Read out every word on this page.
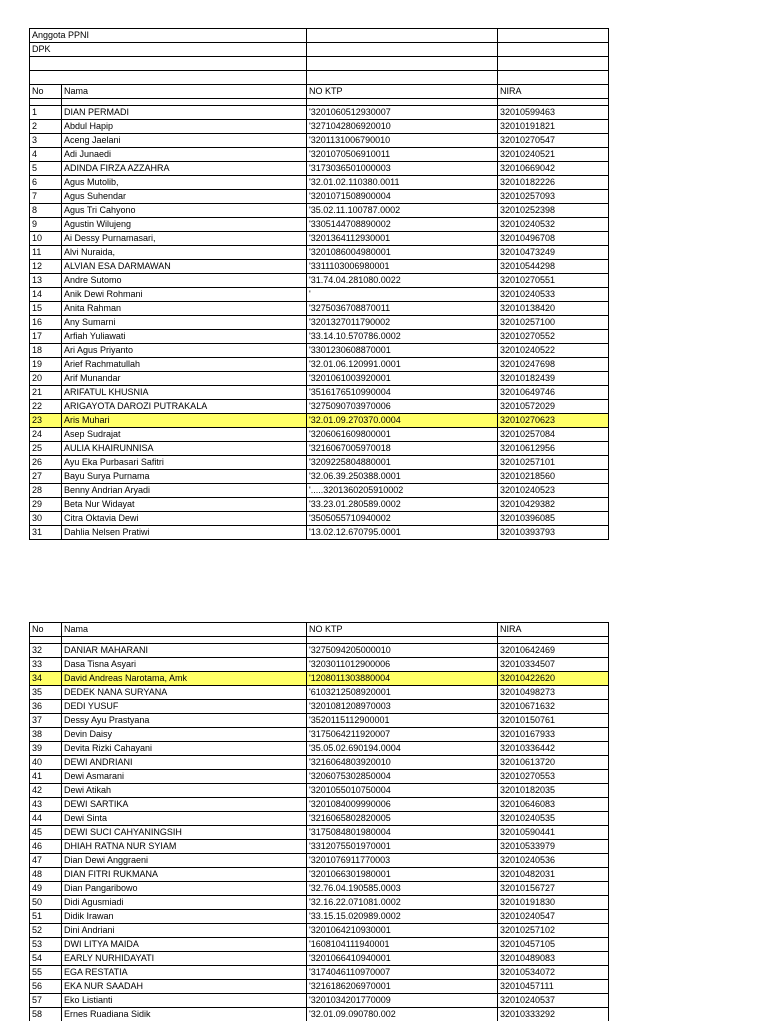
Anggota PPNI			
DPK			

No	Nama	NO KTP	NIRA

1	DIAN PERMADI	'3201060512930007	32010599463
2	Abdul Hapip	'3271042806920010	32010191821
3	Aceng Jaelani	'3201131006790010	32010270547
4	Adi Junaedi	'3201070506910011	32010240521
5	ADINDA FIRZA AZZAHRA	'3173036501000003	32010669042
6	Agus Mutolib,	'32.01.02.110380.0011	32010182226
7	Agus Suhendar	'3201071508900004	32010257093
8	Agus Tri Cahyono	'35.02.11.100787.0002	32010252398
9	Agustin Wilujeng	'3305144708890002	32010240532
10	Ai Dessy Purnamasari,	'3201364112930001	32010496708
11	Alvi Nuraida,	'3201086004980001	32010473249
12	ALVIAN ESA DARMAWAN	'3311103006980001	32010544298
13	Andre Sutomo	'31.74.04.281080.0022	32010270551
14	Anik Dewi Rohmani	'	32010240533
15	Anita Rahman	'3275036708870011	32010138420
16	Any Sumarni	'3201327011790002	32010257100
17	Arfiah Yuliawati	'33.14.10.570786.0002	32010270552
18	Ari Agus Priyanto	'3301230608870001	32010240522
19	Arief Rachmatullah	'32.01.06.120991.0001	32010247698
20	Arif Munandar	'3201061003920001	32010182439
21	ARIFATUL KHUSNIA	'3516176510990004	32010649746
22	ARIGAYOTA DAROZI PUTRAKALA	'3275090703970006	32010572029
23	Aris Muhari	'32.01.09.270370.0004	32010270623
24	Asep Sudrajat	'3206061609800001	32010257084
25	AULIA KHAIRUNNISA	'3216067005970018	32010612956
26	Ayu Eka Purbasari Safitri	'3209225804880001	32010257101
27	Bayu Surya Purnama	'32.06.39.250388.0001	32010218560
28	Benny Andrian Aryadi	'.....3201360205910002	32010240523
29	Beta Nur Widayat	'33.23.01.280589.0002	32010429382
30	Citra Oktavia Dewi	'3505055710940002	32010396085
31	Dahlia Nelsen Pratiwi	'13.02.12.670795.0001	32010393793
No	Nama	NO KTP	NIRA

32	DANIAR MAHARANI	'3275094205000010	32010642469
33	Dasa Tisna Asyari	'3203011012900006	32010334507
34	David Andreas Narotama, Amk	'1208011303880004	32010422620
35	DEDEK NANA SURYANA	'6103212508920001	32010498273
36	DEDI YUSUF	'3201081208970003	32010671632
37	Dessy Ayu Prastyana	'3520115112900001	32010150761
38	Devin Daisy	'3175064211920007	32010167933
39	Devita Rizki Cahayani	'35.05.02.690194.0004	32010336442
40	DEWI ANDRIANI	'3216064803920010	32010613720
41	Dewi Asmarani	'3206075302850004	32010270553
42	Dewi Atikah	'3201055010750004	32010182035
43	DEWI SARTIKA	'3201084009990006	32010646083
44	Dewi Sinta	'3216065802820005	32010240535
45	DEWI SUCI CAHYANINGSIH	'3175084801980004	32010590441
46	DHIAH RATNA NUR SYIAM	'3312075501970001	32010533979
47	Dian Dewi Anggraeni	'3201076911770003	32010240536
48	DIAN FITRI RUKMANA	'3201066301980001	32010482031
49	Dian Pangaribowo	'32.76.04.190585.0003	32010156727
50	Didi Agusmiadi	'32.16.22.071081.0002	32010191830
51	Didik Irawan	'33.15.15.020989.0002	32010240547
52	Dini Andriani	'3201064210930001	32010257102
53	DWI LITYA MAIDA	'1608104111940001	32010457105
54	EARLY NURHIDAYATI	'3201066410940001	32010489083
55	EGA RESTATIA	'3174046110970007	32010534072
56	EKA NUR SAADAH	'3216186206970001	32010457111
57	Eko Listianti	'3201034201770009	32010240537
58	Ernes Ruadiana Sidik	'32.01.09.090780.002	32010333292
